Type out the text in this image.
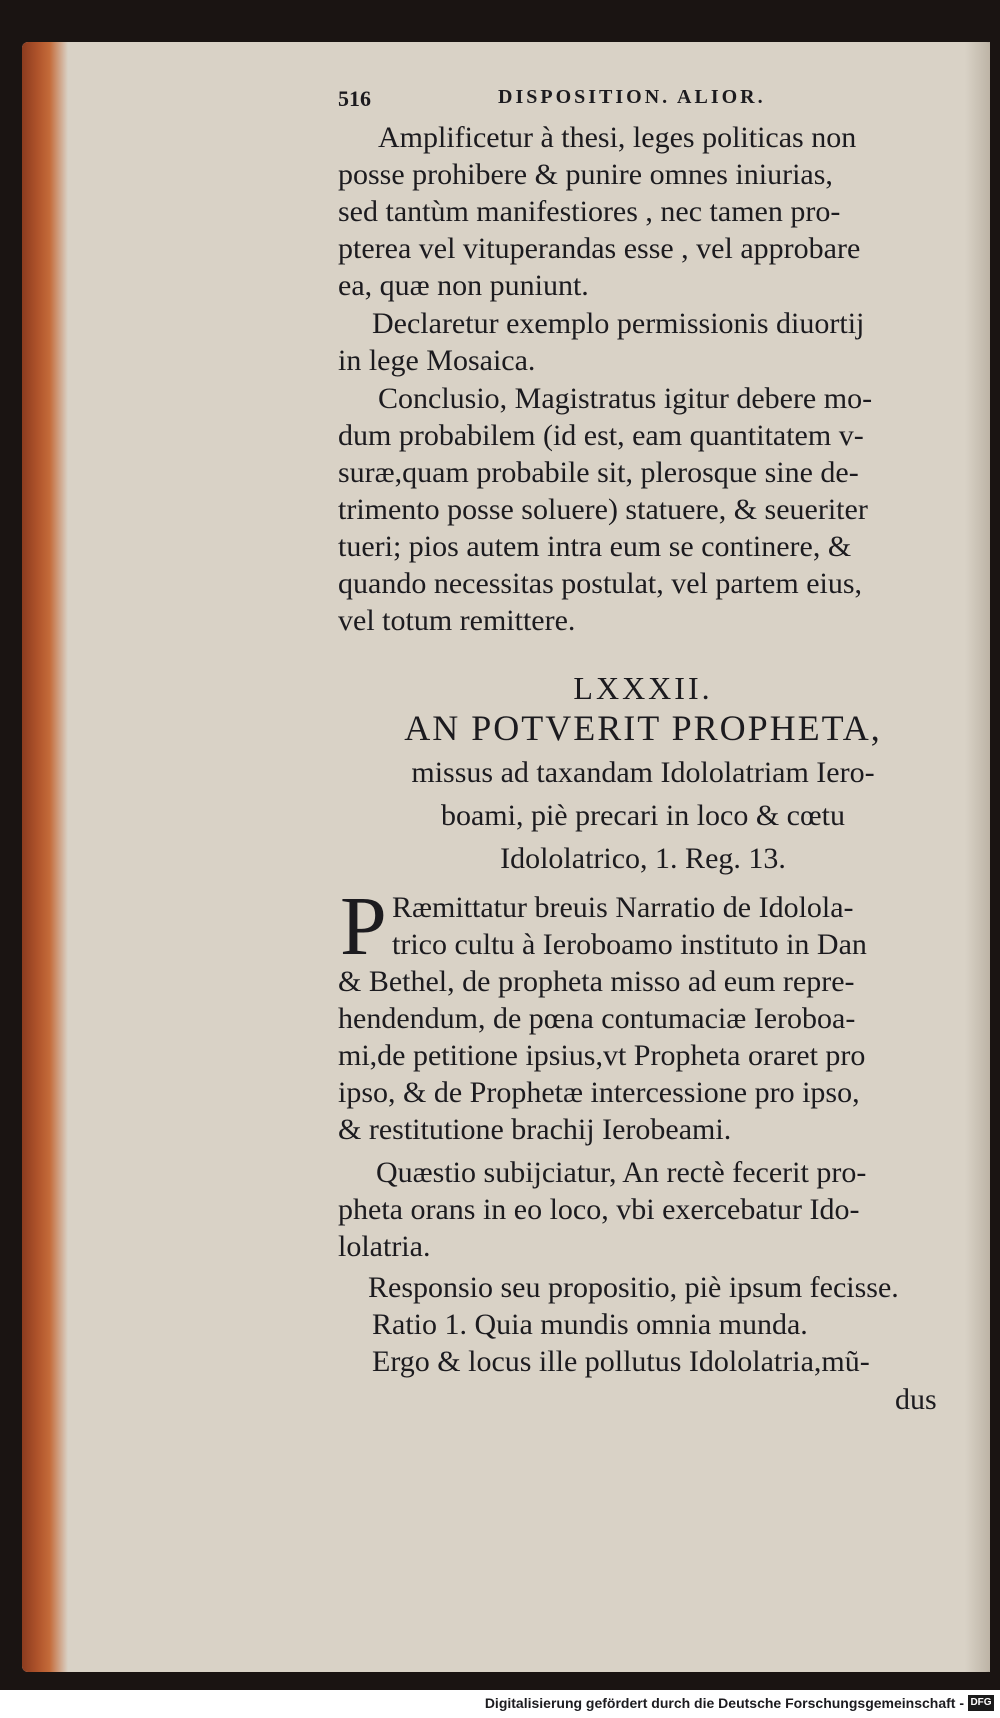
516	DISPOSITION. ALIOR.
Amplificetur à thesi, leges politicas non
posse prohibere & punire omnes iniurias,
sed tantùm manifestiores , nec tamen pro-
pterea vel vituperandas esse , vel approbare
ea, quæ non puniunt.
Declaretur exemplo permissionis diuortij
in lege Mosaica.
Conclusio, Magistratus igitur debere mo-
dum probabilem (id est, eam quantitatem v-
suræ,quam probabile sit, plerosque sine de-
trimento posse soluere) statuere, & seueriter
tueri; pios autem intra eum se continere, &
quando necessitas postulat, vel partem eius,
vel totum remittere.
LXXXII.
AN POTVERIT PROPHETA,
missus ad taxandam Idololatriam Iero-
boami, piè precari in loco & cœtu
Idololatrico, 1. Reg. 13.
P Ræmittatur breuis Narratio de Idolola-
trico cultu à Ieroboamo instituto in Dan
& Bethel, de propheta misso ad eum repre-
hendendum, de pœna contumaciæ Ieroboa-
mi,de petitione ipsius,vt Propheta oraret pro
ipso, & de Prophetæ intercessione pro ipso,
& restitutione brachij Ierobeami.
Quæstio subijciatur, An rectè fecerit pro-
pheta orans in eo loco, vbi exercebatur Ido-
lolatria.
Responsio seu propositio, piè ipsum fecisse.
Ratio 1. Quia mundis omnia munda.
Ergo & locus ille pollutus Idololatria,mũ-
dus
Digitalisierung gefördert durch die Deutsche Forschungsgemeinschaft - DFG
